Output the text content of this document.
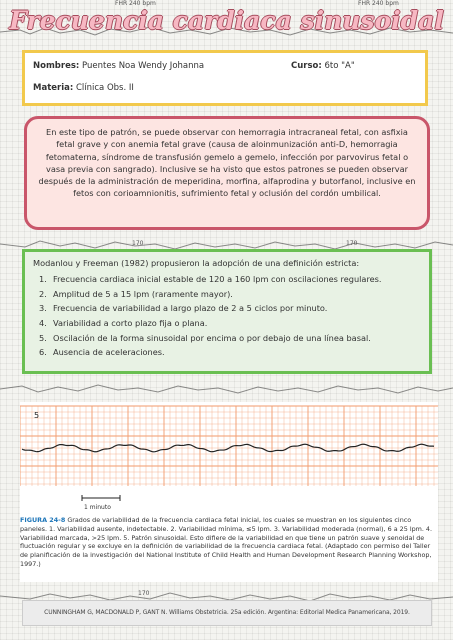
FHR 240 bpm	FHR 240 bpm
170	170
170
Frecuencia cardiaca sinusoidal
Nombres: Puentes Noa Wendy Johanna	Curso: 6to "A"
Materia: Clínica Obs. II

En este tipo de patrón, se puede observar con hemorragia intracraneal fetal, con asfixia fetal grave y con anemia fetal grave (causa de aloinmunización anti-D, hemorragia fetomaterna, síndrome de transfusión gemelo a gemelo, infección por parvovirus fetal o vasa previa con sangrado). Inclusive se ha visto que estos patrones se pueden observar después de la administración de meperidina, morfina, alfaprodina y butorfanol, inclusive en fetos con corioamnionitis, sufrimiento fetal y oclusión del cordón umbilical.

Modanlou y Freeman (1982) propusieron la adopción de una definición estricta:

1. Frecuencia cardiaca inicial estable de 120 a 160 lpm con oscilaciones regulares.
2. Amplitud de 5 a 15 lpm (raramente mayor).
3. Frecuencia de variabilidad a largo plazo de 2 a 5 ciclos por minuto.
4. Variabilidad a corto plazo fija o plana.
5. Oscilación de la forma sinusoidal por encima o por debajo de una línea basal.
6. Ausencia de aceleraciones.
5
1 minuto

FIGURA 24-8 Grados de variabilidad de la frecuencia cardiaca fetal inicial, los cuales se muestran en los siguientes cinco paneles. 1. Variabilidad ausente, indetectable. 2. Variabilidad mínima, ≤5 lpm. 3. Variabilidad moderada (normal), 6 a 25 lpm. 4. Variabilidad marcada, >25 lpm. 5. Patrón sinusoidal. Esto difiere de la variabilidad en que tiene un patrón suave y senoidal de fluctuación regular y se excluye en la definición de variabilidad de la frecuencia cardiaca fetal. (Adaptado con permiso del Taller de planificación de la investigación del National Institute of Child Health and Human Development Research Planning Workshop, 1997.)

CUNNINGHAM G, MACDONALD P, GANT N. Williams Obstetricia. 25a edición. Argentina: Editorial Medica Panamericana, 2019.
